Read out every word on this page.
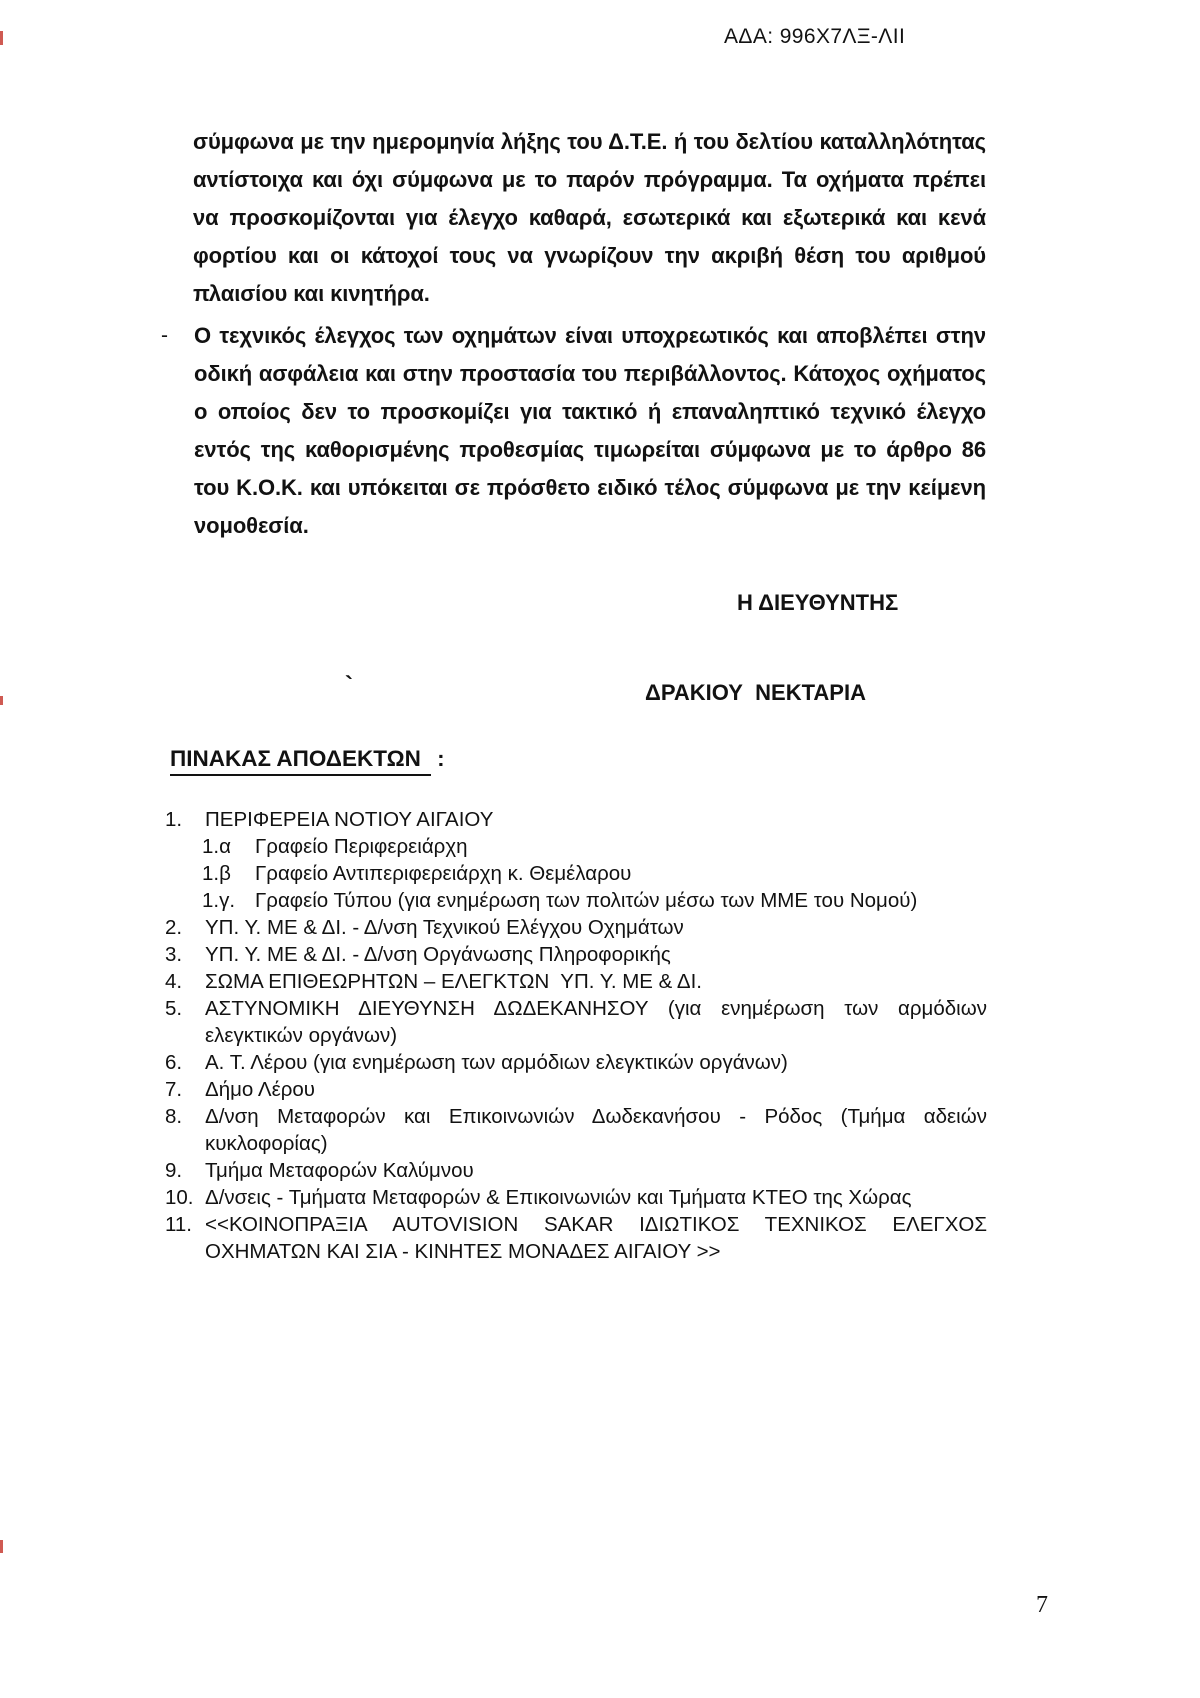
ΑΔΑ: 996Χ7ΛΞ-ΛΙΙ

σύμφωνα με την ημερομηνία λήξης του Δ.Τ.Ε. ή του δελτίου καταλληλότητας αντίστοιχα και όχι σύμφωνα με το παρόν πρόγραμμα. Τα οχήματα πρέπει να προσκομίζονται για έλεγχο καθαρά, εσωτερικά και εξωτερικά και κενά φορτίου και οι κάτοχοί τους να γνωρίζουν την ακριβή θέση του αριθμού πλαισίου και κινητήρα.

-	Ο τεχνικός έλεγχος των οχημάτων είναι υποχρεωτικός και αποβλέπει στην οδική ασφάλεια και στην προστασία του περιβάλλοντος. Κάτοχος οχήματος ο οποίος δεν το προσκομίζει για τακτικό ή επαναληπτικό τεχνικό έλεγχο εντός της καθορισμένης προθεσμίας τιμωρείται σύμφωνα με το άρθρο 86 του Κ.Ο.Κ. και υπόκειται σε πρόσθετο ειδικό τέλος σύμφωνα με την κείμενη νομοθεσία.

Η ΔΙΕΥΘΥΝΤΗΣ
`	ΔΡΑΚΙΟΥ  ΝΕΚΤΑΡΙΑ
ΠΙΝΑΚΑΣ ΑΠΟΔΕΚΤΩΝ :
1.	ΠΕΡΙΦΕΡΕΙΑ ΝΟΤΙΟΥ ΑΙΓΑΙΟΥ
1.α	Γραφείο Περιφερειάρχη
1.β	Γραφείο Αντιπεριφερειάρχη κ. Θεμέλαρου
1.γ. Γραφείο Τύπου (για ενημέρωση των πολιτών μέσω των ΜΜΕ του Νομού)
2.	ΥΠ. Υ. ΜΕ & ΔΙ. - Δ/νση Τεχνικού Ελέγχου Οχημάτων
3.	ΥΠ. Υ. ΜΕ & ΔΙ. - Δ/νση Οργάνωσης Πληροφορικής
4.	ΣΩΜΑ ΕΠΙΘΕΩΡΗΤΩΝ – ΕΛΕΓΚΤΩΝ  ΥΠ. Υ. ΜΕ & ΔΙ.
5.	ΑΣΤΥΝΟΜΙΚΗ ΔΙΕΥΘΥΝΣΗ ΔΩΔΕΚΑΝΗΣΟΥ (για ενημέρωση των αρμόδιων ελεγκτικών οργάνων)
6.	Α. Τ. Λέρου (για ενημέρωση των αρμόδιων ελεγκτικών οργάνων)
7.	Δήμο Λέρου
8.	Δ/νση Μεταφορών και Επικοινωνιών Δωδεκανήσου - Ρόδος (Τμήμα αδειών κυκλοφορίας)
9.	Τμήμα Μεταφορών Καλύμνου
10. Δ/νσεις - Τμήματα Μεταφορών & Επικοινωνιών και Τμήματα ΚΤΕΟ της Χώρας
11. <<ΚΟΙΝΟΠΡΑΞΙΑ AUTOVISION SAKAR ΙΔΙΩΤΙΚΟΣ ΤΕΧΝΙΚΟΣ ΕΛΕΓΧΟΣ ΟΧΗΜΑΤΩΝ ΚΑΙ ΣΙΑ - ΚΙΝΗΤΕΣ ΜΟΝΑΔΕΣ ΑΙΓΑΙΟΥ >>
7
